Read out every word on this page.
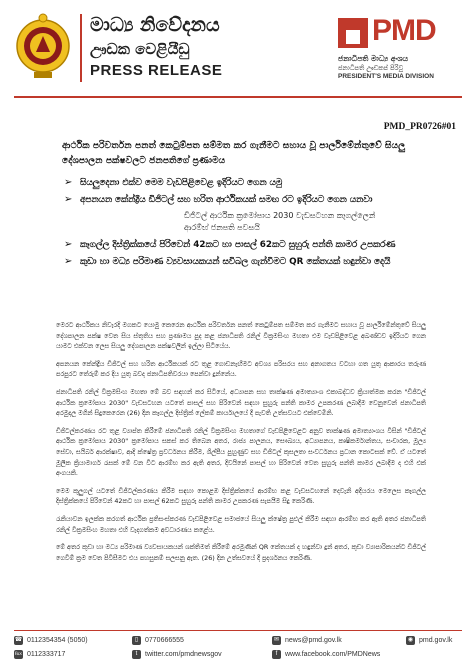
මාධ්‍ය නිවේදනය
ඌඩක වෙළියීඩු
PRESS RELEASE
PMD
ජනාධිපති මාධ්‍ය අංශය
ජනාධිපති ඌඩකප් පිරිවු
PRESIDENT'S MEDIA DIVISION
PMD_PR0726#01
ආර්ථික පරිවර්තන පනත් කෙටුම්පත සම්මත කර ගැනීමට සහාය වූ පාර්ලිමේන්තුවේ සියලු දේශපාලන පක්ෂවලට ජනපතිගේ ප්‍රණාමය
➢ සියලුදෙනා එක්ව මෙම වැඩපිළිවෙළ ඉදිරියට ගෙන යමු
➢ අපනයන කේන්ද්‍රීය ඩිජිටල් සහ හරිත ආර්ථිකයක් සමඟ රට ඉදිරියට ගෙන යනවා
ඩිජිටල් ආර්ථික ක්‍රමෝපාය 2030 වැඩසටහන කෑගල්ලෙන්
ආරම්භ් ජනපති පවසයි
➢ කෑගල්ල දිස්ත්‍රික්කයේ පිරිවෙන් 42කට හා පාසල් 62කට සුහුරු පන්ති කාමර උපකරණ
➢ කුඩා හා මධ්‍ය පරිමාණ ව්‍යවසායකයන් සවිබල ගැන්වීමට QR කේතයක් හඳුන්වා දෙයි

මෙරට ආර්ථිකය නිවැරදි මගකට යොමු කෙරෙන ආර්ථික පරිවර්තන පනත් කෙටුම්පත සම්මත කර ගැනීමට සහාය වූ පාර්ලිමේන්තුවේ සියලු දේශපාලන පක්ෂ වෙත සිය ස්තුතිය සහ ප්‍රණාමය පුද කළ ජනාධිපති රනිල් වික්‍රමසිංහ මහතා එම වැඩපිළිවෙළ අඛණ්ඩව ඉදිරියට ගෙන යාමට එක්වන ලෙස සියලු දේශපාලන පක්ෂවලින් ඉල්ලා සිටියේය.

අපනයන කේන්ද්‍රීය ඩිජිටල් සහ හරිත ආර්ථිකයක් රට තුළ ගොඩනැඟීමට අවශ්‍ය පරිසරය සහ අනාගතය වටහා ගත යුතු ආකාරය තරුණ පරපුරට තේරුම් කර දිය යුතු බවද ජනාධිපතිවරයා පෙන්වා දුන්නේය.

ජනාධිපති රනිල් වික්‍රමසිංහ මහතා මේ බව සඳහන් කර සිටියේ, අධ්‍යාපන සහ තාක්ෂණ අමාත්‍යාංශ එකාබද්ධව ක්‍රියාත්මක කරන "ඩිජිටල් ආර්ථික ක්‍රමෝපාය 2030" වැඩසටහන යටතේ පාසල් සහ පිරිවෙන් සඳහා සුහුරු පන්ති කාමර උපකරණ ලබාදීම වෙනුවෙන් ජනාධිපති අරමුදල මගින් සිදුකෙරෙන (26) දින කෑගල්ල දිස්ත්‍රික් ලේකම් කාර්යාලයේ දී පැවති උත්සවයට එක්වෙමිනි.

ඩිජිටල්කරණය රට තුළ ව්‍යාප්ත කිරීමේ ජනාධිපති රනිල් වික්‍රමසිංහ මහතාගේ වැඩපිළිවෙළට අනුව තාක්ෂණ අමාත්‍යාංශය විසින් "ඩිජිටල් ආර්ථික ක්‍රමෝපාය 2030" ක්‍රමෝපාය සකස් කර තිබෙන අතර, රාජ්‍ය පාලනය, සෞඛ්‍යය, අධ්‍යාපනය, කෘෂිකර්මාන්තය, සංචාරක, මූල්‍ය සේවා, සයිබර් ආරක්ෂාව, ආදි ක්ෂේත්‍ර ප්‍රවර්ධනය කිරීම, ශිල්පීය පුහුණුව සහ ඩිජිටල් කුසලතා සංවර්ධනය ප්‍රධාන කොටසක් වේ. ඒ යටතේ මූලික ක්‍රියාමාර්ග රැසක් මේ වන විට ආරම්භ කර ඇති අතර, දිවයිනේ පාසල් හා පිරිවෙන් වෙත සුහුරු පන්ති කාමර ලබාදීම ද එහි එක් අංගයකි.

මෙම කුලුගල් යටතේ ඩිජිටල්කරණය කිරීම සඳහා කොළඹ දිස්ත්‍රික්කයේ ආරම්භ කළ වැඩසටහනේ දෙවැනි අදියරය මෙලෙස කෑගල්ල දිස්ත්‍රික්කයේ පිරිවෙන් 42කට හා පාසල් 62කට සුහුරු පන්ති කාමර උපකරණ සැපයීම සිදු කෙරිණි.

රැකියාවන ඉලක්ක කරගත් ආර්ථික ප්‍රතිසංස්කරණ වැඩපිළිවෙළ සමාජයේ සියලු ක්ෂේත්‍ර පුළුල් කිරීම සඳහා ආරම්භ කර ඇති අතර ජනාධිපති රනිල් වික්‍රමසිංහ මහතා එහි වැදගත්කම අවධාරණය කළේය.

මේ අතර කුඩා හා මධ්‍ය පරිමාණ ව්‍යවසායකයන් ශක්තිමත් කිරීමේ අරමුණින් QR කේතයක් ද හඳුන්වා දුන් අතර, කුඩා ව්‍යාපාරිකයන්ට ඩිජිටල් ගෙවීම් ක්‍රම වෙත පිවිසීමට එය පහසුකම් සලසනු ඇත. (26) දින උත්සවයේ දී ප්‍රදර්ශනය කෙරිණි.

☎ 0112354354 (5050)
℻ 0112333717
▯ 0770666555
t	twitter.com/pmdnewsgov
✉ news@pmd.gov.lk
f	www.facebook.com/PMDNews
◉ pmd.gov.lk
